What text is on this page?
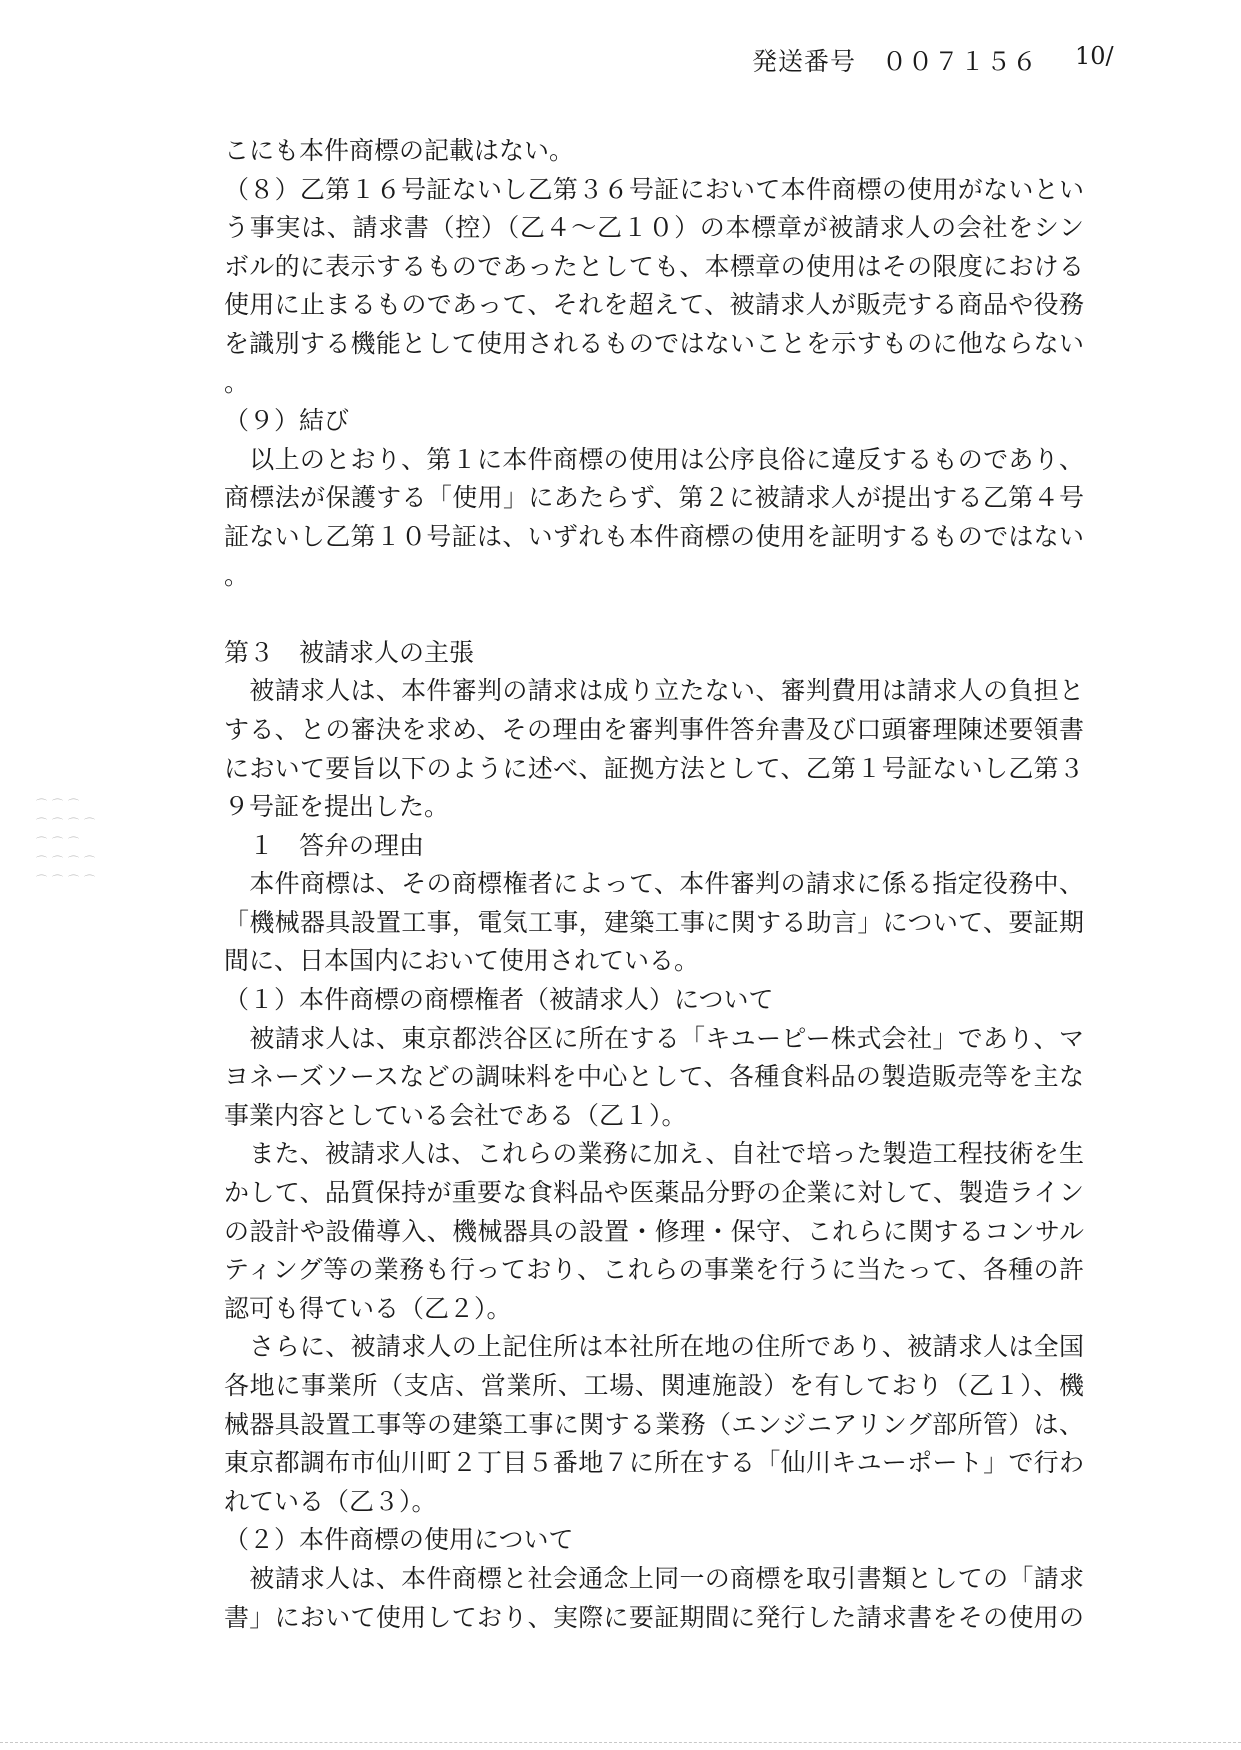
発送番号　００７１５６ 10/
こにも本件商標の記載はない。
（８）乙第１６号証ないし乙第３６号証において本件商標の使用がないとい
う事実は、請求書（控）（乙４～乙１０）の本標章が被請求人の会社をシン
ボル的に表示するものであったとしても、本標章の使用はその限度における
使用に止まるものであって、それを超えて、被請求人が販売する商品や役務
を識別する機能として使用されるものではないことを示すものに他ならない
。
（９）結び
　以上のとおり、第１に本件商標の使用は公序良俗に違反するものであり、
商標法が保護する「使用」にあたらず、第２に被請求人が提出する乙第４号
証ないし乙第１０号証は、いずれも本件商標の使用を証明するものではない
。
第３　被請求人の主張
　被請求人は、本件審判の請求は成り立たない、審判費用は請求人の負担と
する、との審決を求め、その理由を審判事件答弁書及び口頭審理陳述要領書
において要旨以下のように述べ、証拠方法として、乙第１号証ないし乙第３
９号証を提出した。
　１　答弁の理由
　本件商標は、その商標権者によって、本件審判の請求に係る指定役務中、
「機械器具設置工事，電気工事，建築工事に関する助言」について、要証期
間に、日本国内において使用されている。
（１）本件商標の商標権者（被請求人）について
　被請求人は、東京都渋谷区に所在する「キユーピー株式会社」であり、マ
ヨネーズソースなどの調味料を中心として、各種食料品の製造販売等を主な
事業内容としている会社である（乙１）。
　また、被請求人は、これらの業務に加え、自社で培った製造工程技術を生
かして、品質保持が重要な食料品や医薬品分野の企業に対して、製造ライン
の設計や設備導入、機械器具の設置・修理・保守、これらに関するコンサル
ティング等の業務も行っており、これらの事業を行うに当たって、各種の許
認可も得ている（乙２）。
　さらに、被請求人の上記住所は本社所在地の住所であり、被請求人は全国
各地に事業所（支店、営業所、工場、関連施設）を有しており（乙１）、機
械器具設置工事等の建築工事に関する業務（エンジニアリング部所管）は、
東京都調布市仙川町２丁目５番地７に所在する「仙川キユーポート」で行わ
れている（乙３）。
（２）本件商標の使用について
　被請求人は、本件商標と社会通念上同一の商標を取引書類としての「請求
書」において使用しており、実際に要証期間に発行した請求書をその使用の
⌒⌒⌒
⌒⌒⌒⌒
⌒⌒⌒
⌒⌒⌒⌒
⌒⌒⌒⌒
